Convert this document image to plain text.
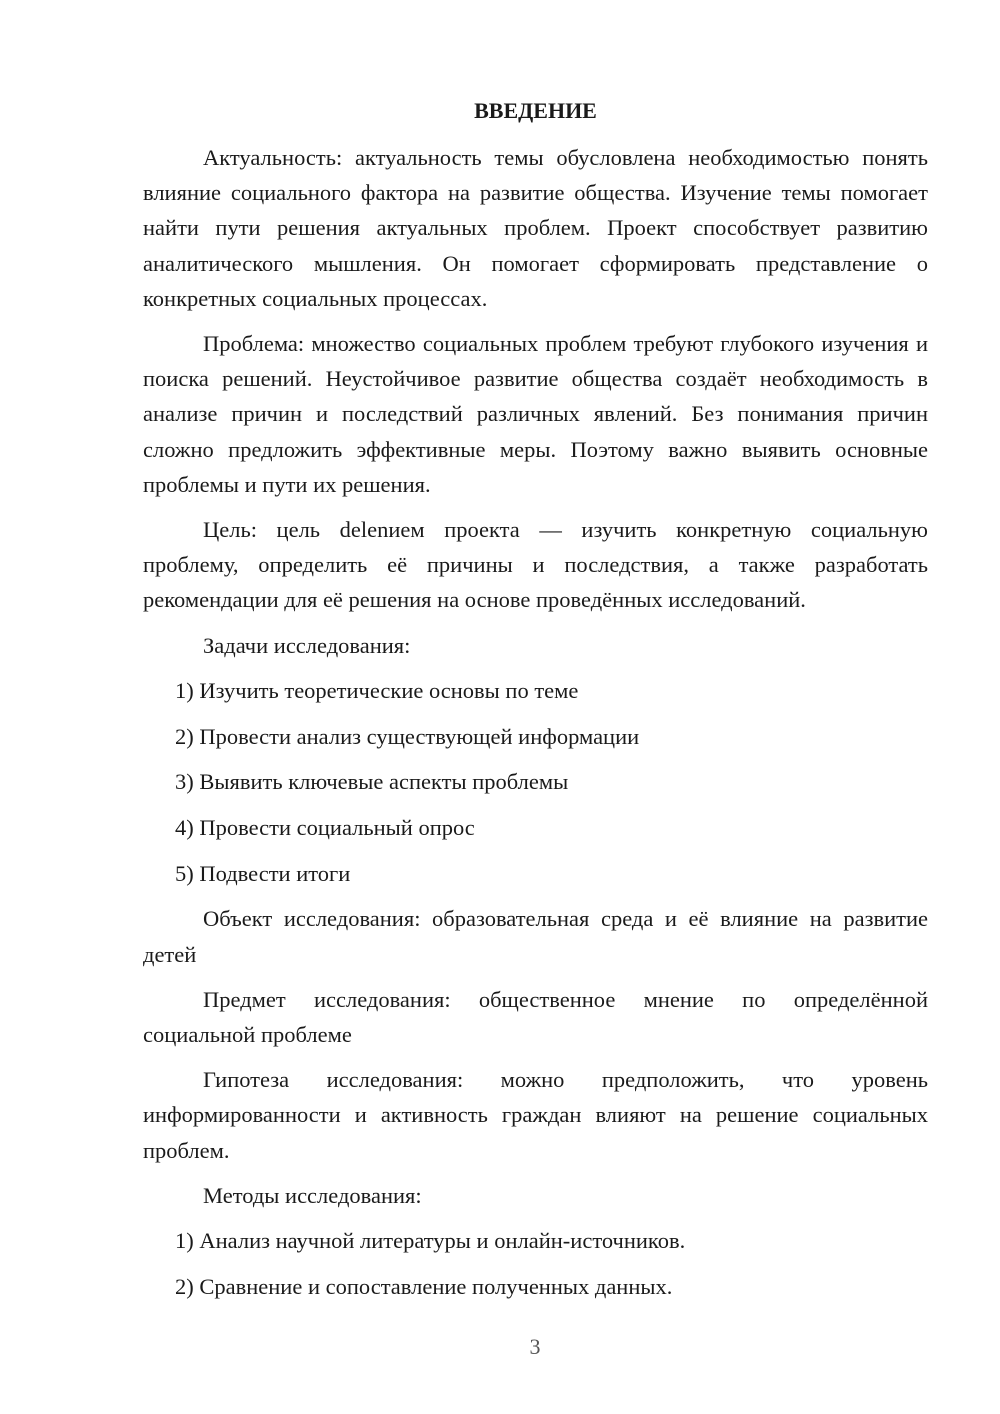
ВВЕДЕНИЕ

Актуальность: актуальность темы обусловлена необходимостью понять влияние социального фактора на развитие общества. Изучение темы помогает найти пути решения актуальных проблем. Проект способствует развитию аналитического мышления. Он помогает сформировать представление о конкретных социальных процессах.

Проблема: множество социальных проблем требуют глубокого изучения и поиска решений. Неустойчивое развитие общества создаёт необходимость в анализе причин и последствий различных явлений. Без понимания причин сложно предложить эффективные меры. Поэтому важно выявить основные проблемы и пути их решения.

Цель: цель delenием проекта — изучить конкретную социальную проблему, определить её причины и последствия, а также разработать рекомендации для её решения на основе проведённых исследований.

Задачи исследования:

1) Изучить теоретические основы по теме

2) Провести анализ существующей информации

3) Выявить ключевые аспекты проблемы

4) Провести социальный опрос

5) Подвести итоги

Объект исследования: образовательная среда и её влияние на развитие детей

Предмет исследования: общественное мнение по определённой социальной проблеме

Гипотеза исследования: можно предположить, что уровень информированности и активность граждан влияют на решение социальных проблем.

Методы исследования:

1) Анализ научной литературы и онлайн-источников.

2) Сравнение и сопоставление полученных данных.

3
